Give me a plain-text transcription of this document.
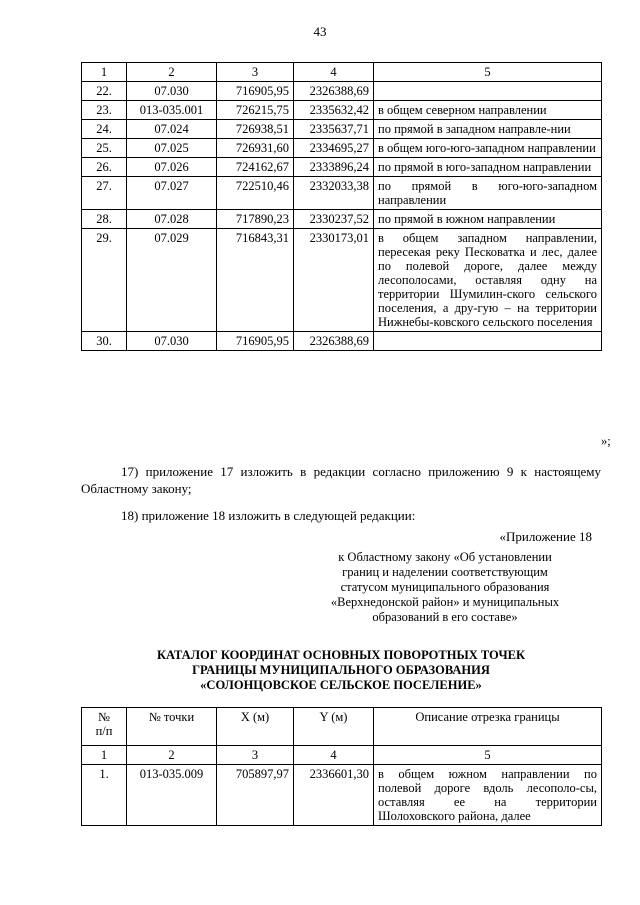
43
1	2	3	4	5
22.	07.030	716905,95	2326388,69	
23.	013-035.001	726215,75	2335632,42	в общем северном направлении
24.	07.024	726938,51	2335637,71	по прямой в западном направле-нии
25.	07.025	726931,60	2334695,27	в общем юго-юго-западном направлении
26.	07.026	724162,67	2333896,24	по прямой в юго-западном направлении
27.	07.027	722510,46	2332033,38	по прямой в юго-юго-западном направлении
28.	07.028	717890,23	2330237,52	по прямой в южном направлении
29.	07.029	716843,31	2330173,01	в общем западном направлении, пересекая реку Песковатка и лес, далее по полевой дороге, далее между лесополосами, оставляя одну на территории Шумилин-ского сельского поселения, а дру-гую – на территории Нижнебы-ковского сельского поселения
30.	07.030	716905,95	2326388,69	
»;
17) приложение 17 изложить в редакции согласно приложению 9 к настоящему Областному закону;
18) приложение 18 изложить в следующей редакции:
«Приложение 18
к Областному закону «Об установлении
границ и наделении соответствующим
статусом муниципального образования
«Верхнедонской район» и муниципальных
образований в его составе»
КАТАЛОГ КООРДИНАТ ОСНОВНЫХ ПОВОРОТНЫХ ТОЧЕК
ГРАНИЦЫ МУНИЦИПАЛЬНОГО ОБРАЗОВАНИЯ
«СОЛОНЦОВСКОЕ СЕЛЬСКОЕ ПОСЕЛЕНИЕ»
№
п/п	№ точки	X (м)	Y (м)	Описание отрезка границы
1	2	3	4	5
1.	013-035.009	705897,97	2336601,30	в общем южном направлении по полевой дороге вдоль лесополо-сы, оставляя ее на территории Шолоховского района, далее
